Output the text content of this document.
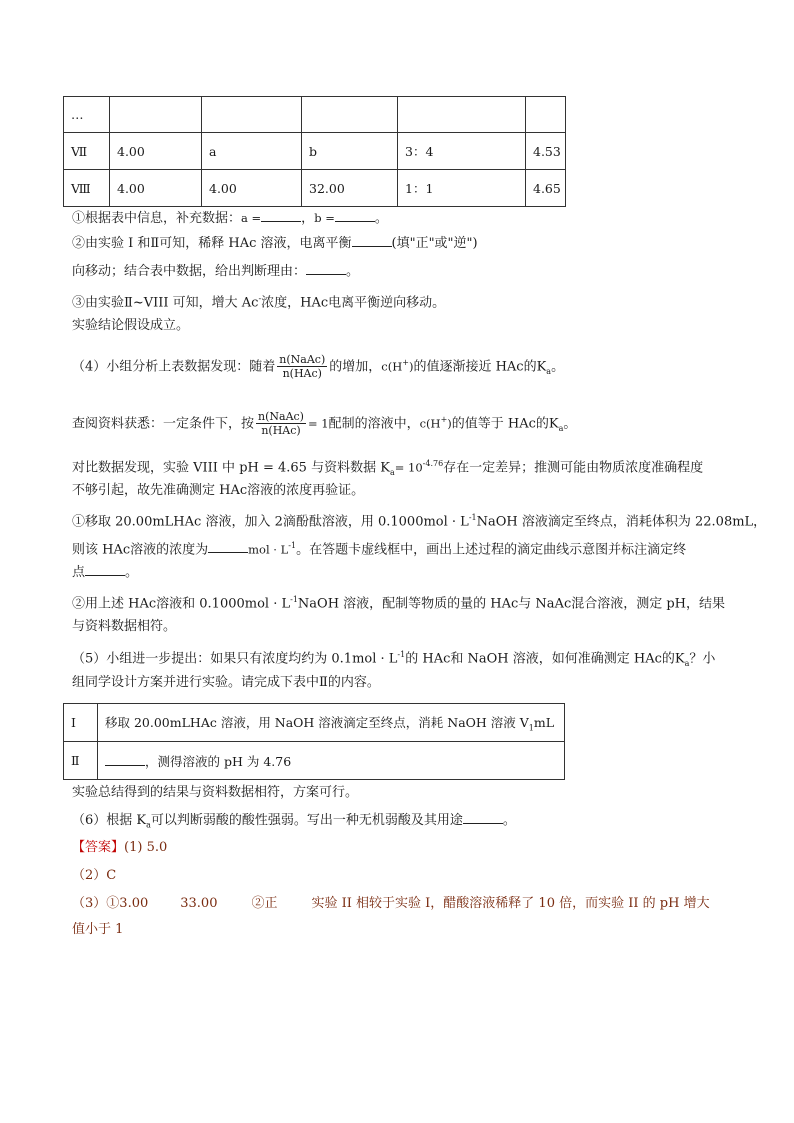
…					
Ⅶ	4.00	a	b	3：4	4.53
Ⅷ	4.00	4.00	32.00	1：1	4.65
①根据表中信息，补充数据：a =	，b =	。
②由实验 I 和Ⅱ可知，稀释 HAc 溶液，电离平衡	(填"正"或"逆")
向移动；结合表中数据，给出判断理由：	。
③由实验Ⅱ~VIII 可知，增大 Ac-浓度，HAc电离平衡逆向移动。
实验结论假设成立。
（4）小组分析上表数据发现：随着 $\frac{\text{n(NaAc)}}{\text{n(HAc)}}$ 的增加，c(H+)的值逐渐接近 HAc的$K_a$。
查阅资料获悉：一定条件下，按 $\frac{\text{n(NaAc)}}{\text{n(HAc)}} = 1$配制的溶液中，c(H+)的值等于 HAc的$K_a$。
对比数据发现，实验 VIII 中 pH = 4.65 与资料数据 $K_a= 10^{-4.76}$存在一定差异；推测可能由物质浓度准确程度
不够引起，故先准确测定 HAc溶液的浓度再验证。
①移取 20.00mLHAc 溶液，加入 2滴酚酞溶液，用 $0.1000mol \cdot L^{-1}NaOH$ 溶液滴定至终点，消耗体积为 22.08mL，
则该 HAc溶液的浓度为	mol · $L^{-1}$。在答题卡虚线框中，画出上述过程的滴定曲线示意图并标注滴定终
点	。
②用上述 HAc溶液和 $0.1000mol \cdot L^{-1}NaOH$ 溶液，配制等物质的量的 HAc与 NaAc混合溶液，测定 pH，结果
与资料数据相符。
（5）小组进一步提出：如果只有浓度均约为 $0.1mol \cdot L^{-1}$的 HAc和 NaOH 溶液，如何准确测定 HAc的$K_a$？小
组同学设计方案并进行实验。请完成下表中Ⅱ的内容。
I	移取 20.00mLHAc 溶液，用 NaOH 溶液滴定至终点，消耗 NaOH 溶液 $V_1mL$
Ⅱ	，测得溶液的 pH 为 4.76
实验总结得到的结果与资料数据相符，方案可行。
（6）根据 $K_a$可以判断弱酸的酸性强弱。写出一种无机弱酸及其用途	。
【答案】(1) 5.0
（2）C
（3）①3.00 33.00	②正	实验 II 相较于实验 I，醋酸溶液稀释了 10 倍，而实验 II 的 pH 增大
值小于 1
